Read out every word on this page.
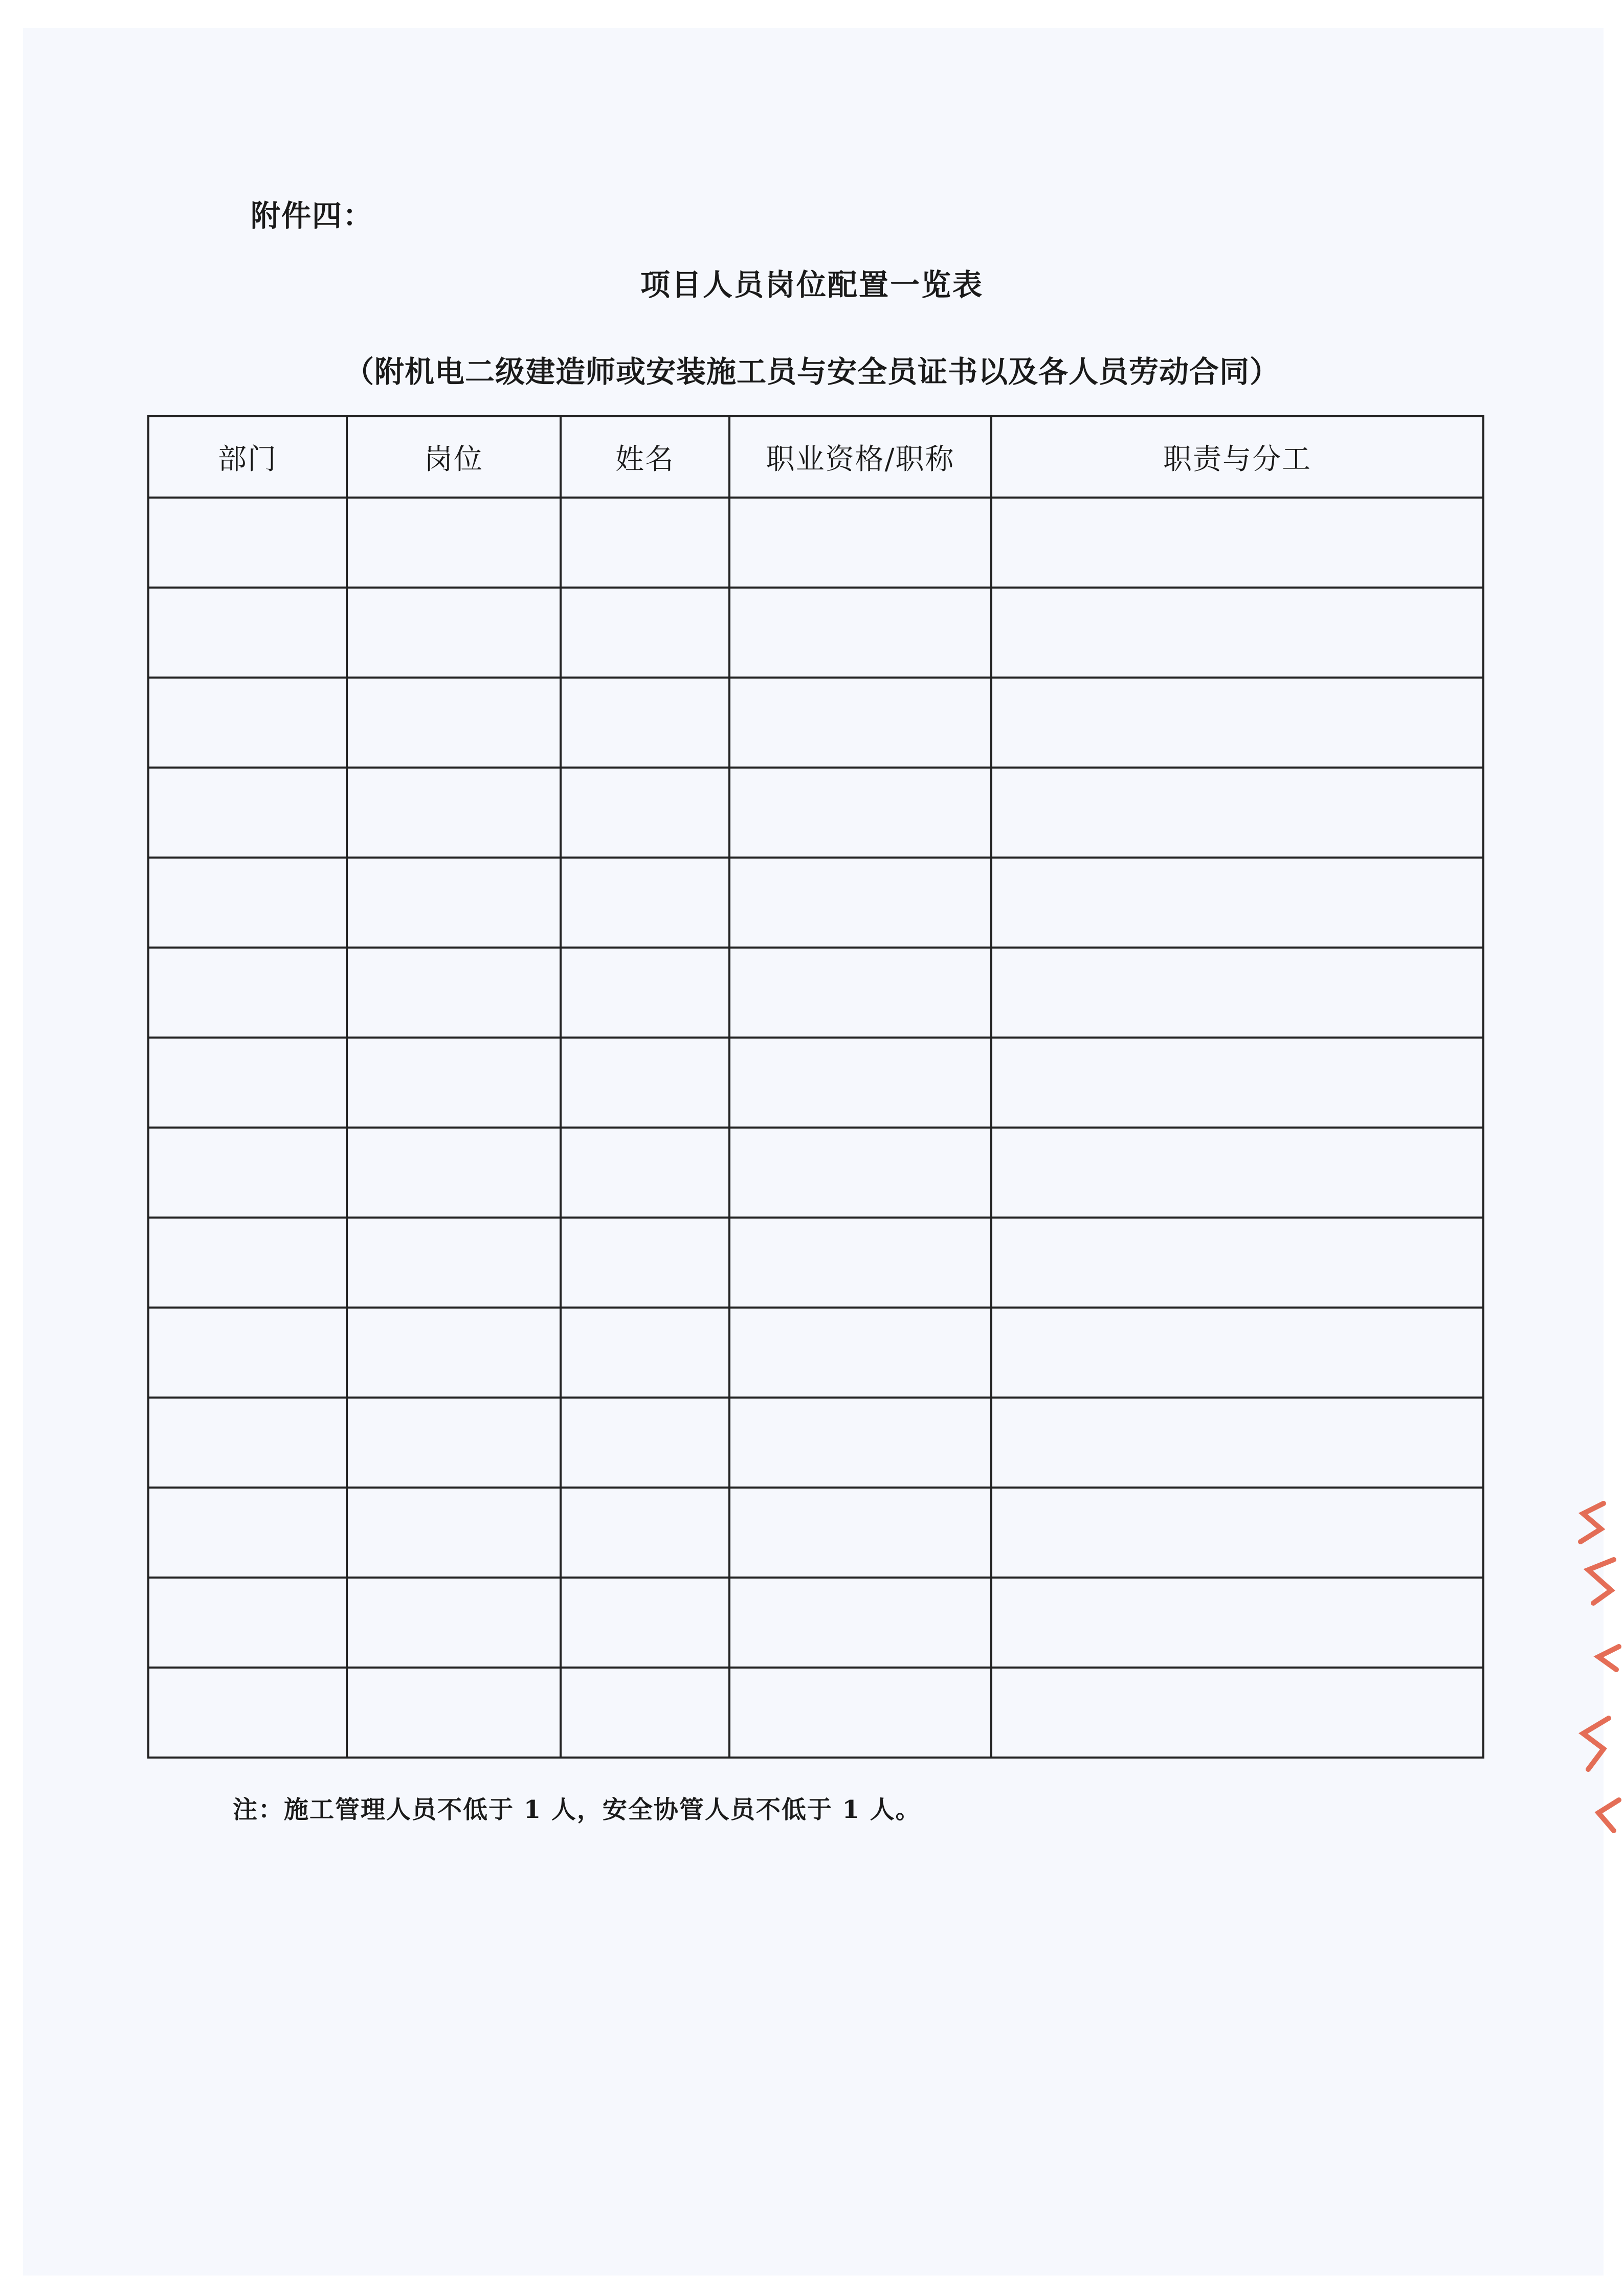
附件四：
项目人员岗位配置一览表
（附机电二级建造师或安装施工员与安全员证书以及各人员劳动合同）
部门	岗位	姓名	职业资格/职称	职责与分工

注：施工管理人员不低于 1 人，安全协管人员不低于 1 人。
